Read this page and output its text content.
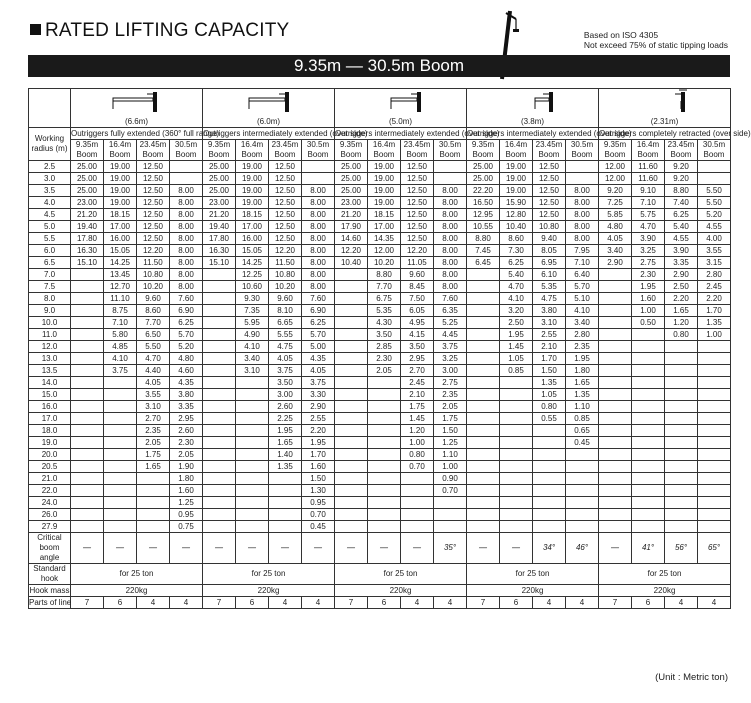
RATED LIFTING CAPACITY	Based on ISO 4305
Not exceed 75% of static tipping loads
9.35m — 30.5m Boom

(6.6m)				(6.0m)				(5.0m)				(3.8m)				(2.31m)			
Working radius (m)	Outriggers fully extended (360° full range)				Outriggers intermediately extended (over side)				Outriggers intermediately extended (over side)				Outriggers intermediately extended (over side)				Outriggers completely retracted (over side)			
	9.35m Boom	16.4m Boom	23.45m Boom	30.5m Boom	9.35m Boom	16.4m Boom	23.45m Boom	30.5m Boom	9.35m Boom	16.4m Boom	23.45m Boom	30.5m Boom	9.35m Boom	16.4m Boom	23.45m Boom	30.5m Boom	9.35m Boom	16.4m Boom	23.45m Boom	30.5m Boom
2.5	25.00	19.00	12.50		25.00	19.00	12.50		25.00	19.00	12.50		25.00	19.00	12.50		12.00	11.60	9.20	
3.0	25.00	19.00	12.50		25.00	19.00	12.50		25.00	19.00	12.50		25.00	19.00	12.50		12.00	11.60	9.20	
3.5	25.00	19.00	12.50	8.00	25.00	19.00	12.50	8.00	25.00	19.00	12.50	8.00	22.20	19.00	12.50	8.00	9.20	9.10	8.80	5.50
4.0	23.00	19.00	12.50	8.00	23.00	19.00	12.50	8.00	23.00	19.00	12.50	8.00	16.50	15.90	12.50	8.00	7.25	7.10	7.40	5.50
4.5	21.20	18.15	12.50	8.00	21.20	18.15	12.50	8.00	21.20	18.15	12.50	8.00	12.95	12.80	12.50	8.00	5.85	5.75	6.25	5.20
5.0	19.40	17.00	12.50	8.00	19.40	17.00	12.50	8.00	17.90	17.00	12.50	8.00	10.55	10.40	10.80	8.00	4.80	4.70	5.40	4.55
5.5	17.80	16.00	12.50	8.00	17.80	16.00	12.50	8.00	14.60	14.35	12.50	8.00	8.80	8.60	9.40	8.00	4.05	3.90	4.55	4.00
6.0	16.30	15.05	12.20	8.00	16.30	15.05	12.20	8.00	12.20	12.00	12.20	8.00	7.45	7.30	8.05	7.95	3.40	3.25	3.90	3.55
6.5	15.10	14.25	11.50	8.00	15.10	14.25	11.50	8.00	10.40	10.20	11.05	8.00	6.45	6.25	6.95	7.10	2.90	2.75	3.35	3.15
7.0		13.45	10.80	8.00		12.25	10.80	8.00		8.80	9.60	8.00		5.40	6.10	6.40		2.30	2.90	2.80
7.5		12.70	10.20	8.00		10.60	10.20	8.00		7.70	8.45	8.00		4.70	5.35	5.70		1.95	2.50	2.45
8.0		11.10	9.60	7.60		9.30	9.60	7.60		6.75	7.50	7.60		4.10	4.75	5.10		1.60	2.20	2.20
9.0		8.75	8.60	6.90		7.35	8.10	6.90		5.35	6.05	6.35		3.20	3.80	4.10		1.00	1.65	1.70
10.0		7.10	7.70	6.25		5.95	6.65	6.25		4.30	4.95	5.25		2.50	3.10	3.40		0.50	1.20	1.35
11.0		5.80	6.50	5.70		4.90	5.55	5.70		3.50	4.15	4.45		1.95	2.55	2.80			0.80	1.00
12.0		4.85	5.50	5.20		4.10	4.75	5.00		2.85	3.50	3.75		1.45	2.10	2.35				
13.0		4.10	4.70	4.80		3.40	4.05	4.35		2.30	2.95	3.25		1.05	1.70	1.95				
13.5		3.75	4.40	4.60		3.10	3.75	4.05		2.05	2.70	3.00		0.85	1.50	1.80				
14.0			4.05	4.35			3.50	3.75			2.45	2.75			1.35	1.65				
15.0			3.55	3.80			3.00	3.30			2.10	2.35			1.05	1.35				
16.0			3.10	3.35			2.60	2.90			1.75	2.05			0.80	1.10				
17.0			2.70	2.95			2.25	2.55			1.45	1.75			0.55	0.85				
18.0			2.35	2.60			1.95	2.20			1.20	1.50				0.65				
19.0			2.05	2.30			1.65	1.95			1.00	1.25				0.45				
20.0			1.75	2.05			1.40	1.70			0.80	1.10								
20.5			1.65	1.90			1.35	1.60			0.70	1.00								
21.0				1.80				1.50				0.90								
22.0				1.60				1.30				0.70								
24.0				1.25				0.95												
26.0				0.95				0.70												
27.9				0.75				0.45												
Critical boom angle	—	—	—	—	—	—	—	—	—	—	—	35°	—	—	34°	46°	—	41°	56°	65°
Standard hook	for 25 ton				for 25 ton				for 25 ton				for 25 ton				for 25 ton			
Hook mass	220kg				220kg				220kg				220kg				220kg			
Parts of line	7	6	4	4	7	6	4	4	7	6	4	4	7	6	4	4	7	6	4	4
(Unit : Metric ton)
